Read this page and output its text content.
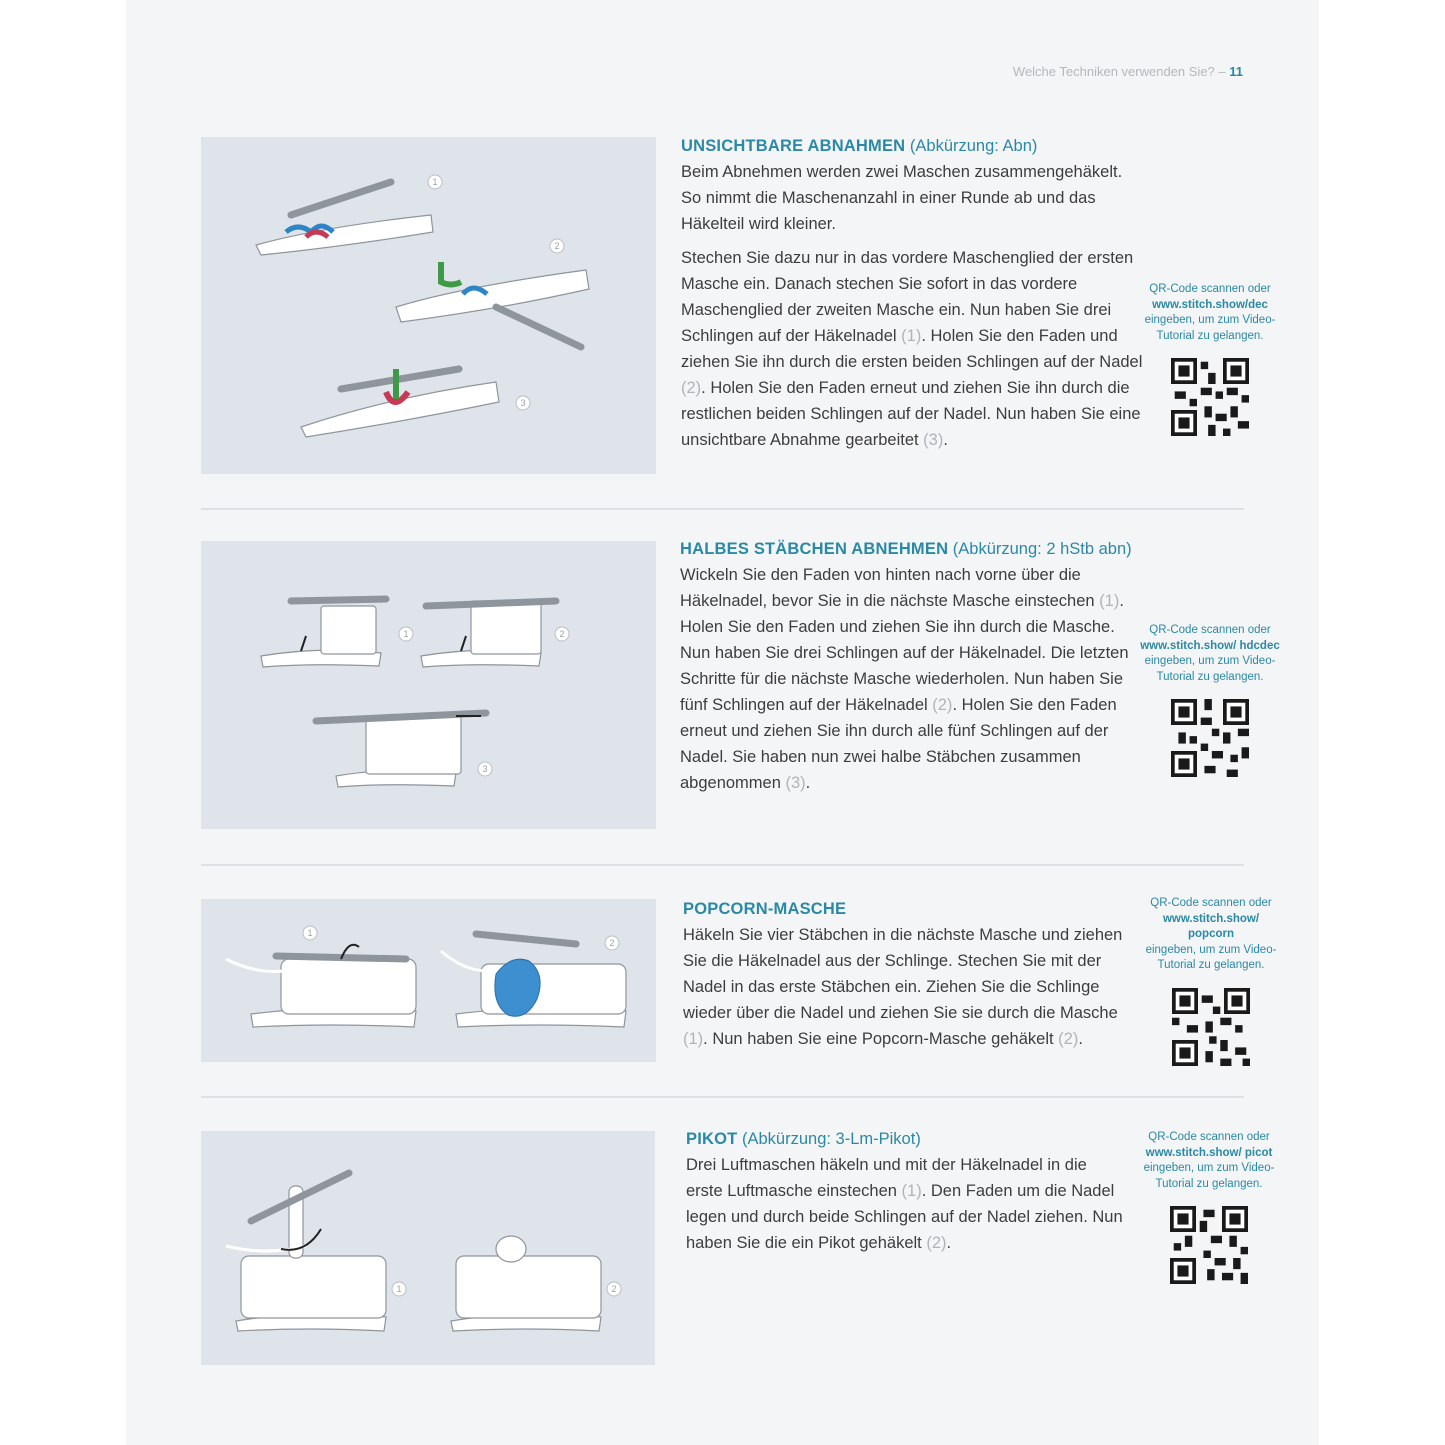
Welche Techniken verwenden Sie? – 11
1
2
3
UNSICHTBARE ABNAHMEN (Abkürzung: Abn)

Beim Abnehmen werden zwei Maschen zusammengehäkelt. So nimmt die Maschenanzahl in einer Runde ab und das Häkelteil wird kleiner.

Stechen Sie dazu nur in das vordere Maschenglied der ersten Masche ein. Danach stechen Sie sofort in das vordere Maschenglied der zweiten Masche ein. Nun haben Sie drei Schlingen auf der Häkelnadel (1). Holen Sie den Faden und ziehen Sie ihn durch die ersten beiden Schlingen auf der Nadel (2). Holen Sie den Faden erneut und ziehen Sie ihn durch die restlichen beiden Schlingen auf der Nadel. Nun haben Sie eine unsichtbare Abnahme gearbeitet (3).

QR-Code scannen oder
www.stitch.show/dec
eingeben, um zum Video-Tutorial zu gelangen.
1	2
3
HALBES STÄBCHEN ABNEHMEN (Abkürzung: 2 hStb abn)

Wickeln Sie den Faden von hinten nach vorne über die Häkelnadel, bevor Sie in die nächste Masche einstechen (1). Holen Sie den Faden und ziehen Sie ihn durch die Masche. Nun haben Sie drei Schlingen auf der Häkelnadel. Die letzten Schritte für die nächste Masche wiederholen. Nun haben Sie fünf Schlingen auf der Häkelnadel (2). Holen Sie den Faden erneut und ziehen Sie ihn durch alle fünf Schlingen auf der Nadel. Sie haben nun zwei halbe Stäbchen zusammen abgenommen (3).

QR-Code scannen oder
www.stitch.show/ hdcdec
eingeben, um zum Video-Tutorial zu gelangen.
1
2
POPCORN-MASCHE

Häkeln Sie vier Stäbchen in die nächste Masche und ziehen Sie die Häkelnadel aus der Schlinge. Stechen Sie mit der Nadel in das erste Stäbchen ein. Ziehen Sie die Schlinge wieder über die Nadel und ziehen Sie sie durch die Masche (1). Nun haben Sie eine Popcorn-Masche gehäkelt (2).

QR-Code scannen oder
www.stitch.show/ popcorn
eingeben, um zum Video-Tutorial zu gelangen.
1	2
PIKOT (Abkürzung: 3-Lm-Pikot)

Drei Luftmaschen häkeln und mit der Häkelnadel in die erste Luftmasche einstechen (1). Den Faden um die Nadel legen und durch beide Schlingen auf der Nadel ziehen. Nun haben Sie die ein Pikot gehäkelt (2).

QR-Code scannen oder
www.stitch.show/ picot
eingeben, um zum Video-Tutorial zu gelangen.
